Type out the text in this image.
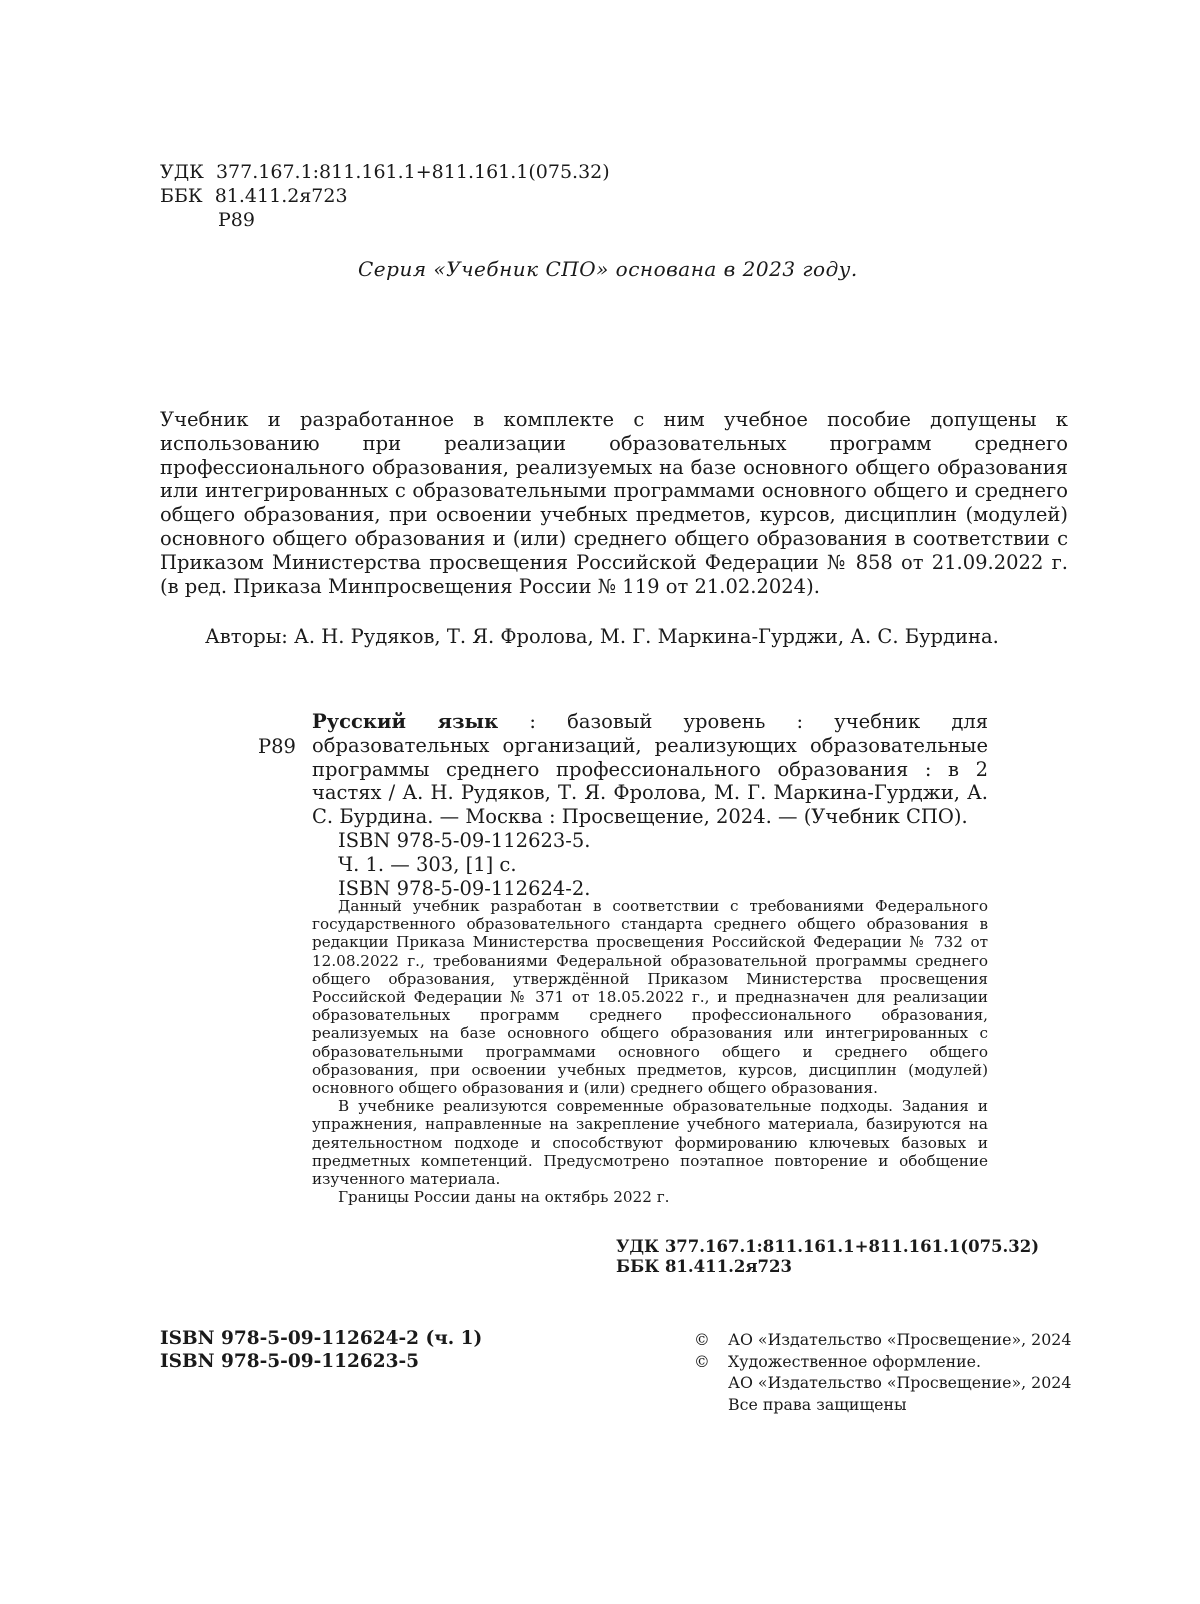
УДК  377.167.1:811.161.1+811.161.1(075.32)
ББК  81.411.2я723
Р89
Серия «Учебник СПО» основана в 2023 году.
Учебник и разработанное в комплекте с ним учебное пособие допущены к использованию при реализации образовательных программ среднего профессионального образования, реализуемых на базе основного общего образования или интегрированных с образовательными программами основного общего и среднего общего образования, при освоении учебных предметов, курсов, дисциплин (модулей) основного общего образования и (или) среднего общего образования в соответствии с Приказом Министерства просвещения Российской Федерации № 858 от 21.09.2022 г. (в ред. Приказа Минпросвещения России № 119 от 21.02.2024).
Авторы: А. Н. Рудяков, Т. Я. Фролова, М. Г. Маркина-Гурджи, А. С. Бурдина.
Р89
Русский язык : базовый уровень : учебник для образовательных организаций, реализующих образовательные программы среднего профессионального образования : в 2 частях / А. Н. Рудяков, Т. Я. Фролова, М. Г. Маркина-Гурджи, А. С. Бурдина. — Москва : Просвещение, 2024. — (Учебник СПО).
ISBN 978-5-09-112623-5.
Ч. 1. — 303, [1] с.
ISBN 978-5-09-112624-2.

Данный учебник разработан в соответствии с требованиями Федерального государственного образовательного стандарта среднего общего образования в редакции Приказа Министерства просвещения Российской Федерации № 732 от 12.08.2022 г., требованиями Федеральной образовательной программы среднего общего образования, утверждённой Приказом Министерства просвещения Российской Федерации № 371 от 18.05.2022 г., и предназначен для реализации образовательных программ среднего профессионального образования, реализуемых на базе основного общего образования или интегрированных с образовательными программами основного общего и среднего общего образования, при освоении учебных предметов, курсов, дисциплин (модулей) основного общего образования и (или) среднего общего образования.

В учебнике реализуются современные образовательные подходы. Задания и упражнения, направленные на закрепление учебного материала, базируются на деятельностном подходе и способствуют формированию ключевых базовых и предметных компетенций. Предусмотрено поэтапное повторение и обобщение изученного материала.

Границы России даны на октябрь 2022 г.

УДК 377.167.1:811.161.1+811.161.1(075.32)
ББК 81.411.2я723
ISBN 978-5-09-112624-2 (ч. 1)
ISBN 978-5-09-112623-5
© АО «Издательство «Просвещение», 2024
© Художественное оформление.
АО «Издательство «Просвещение», 2024
Все права защищены
